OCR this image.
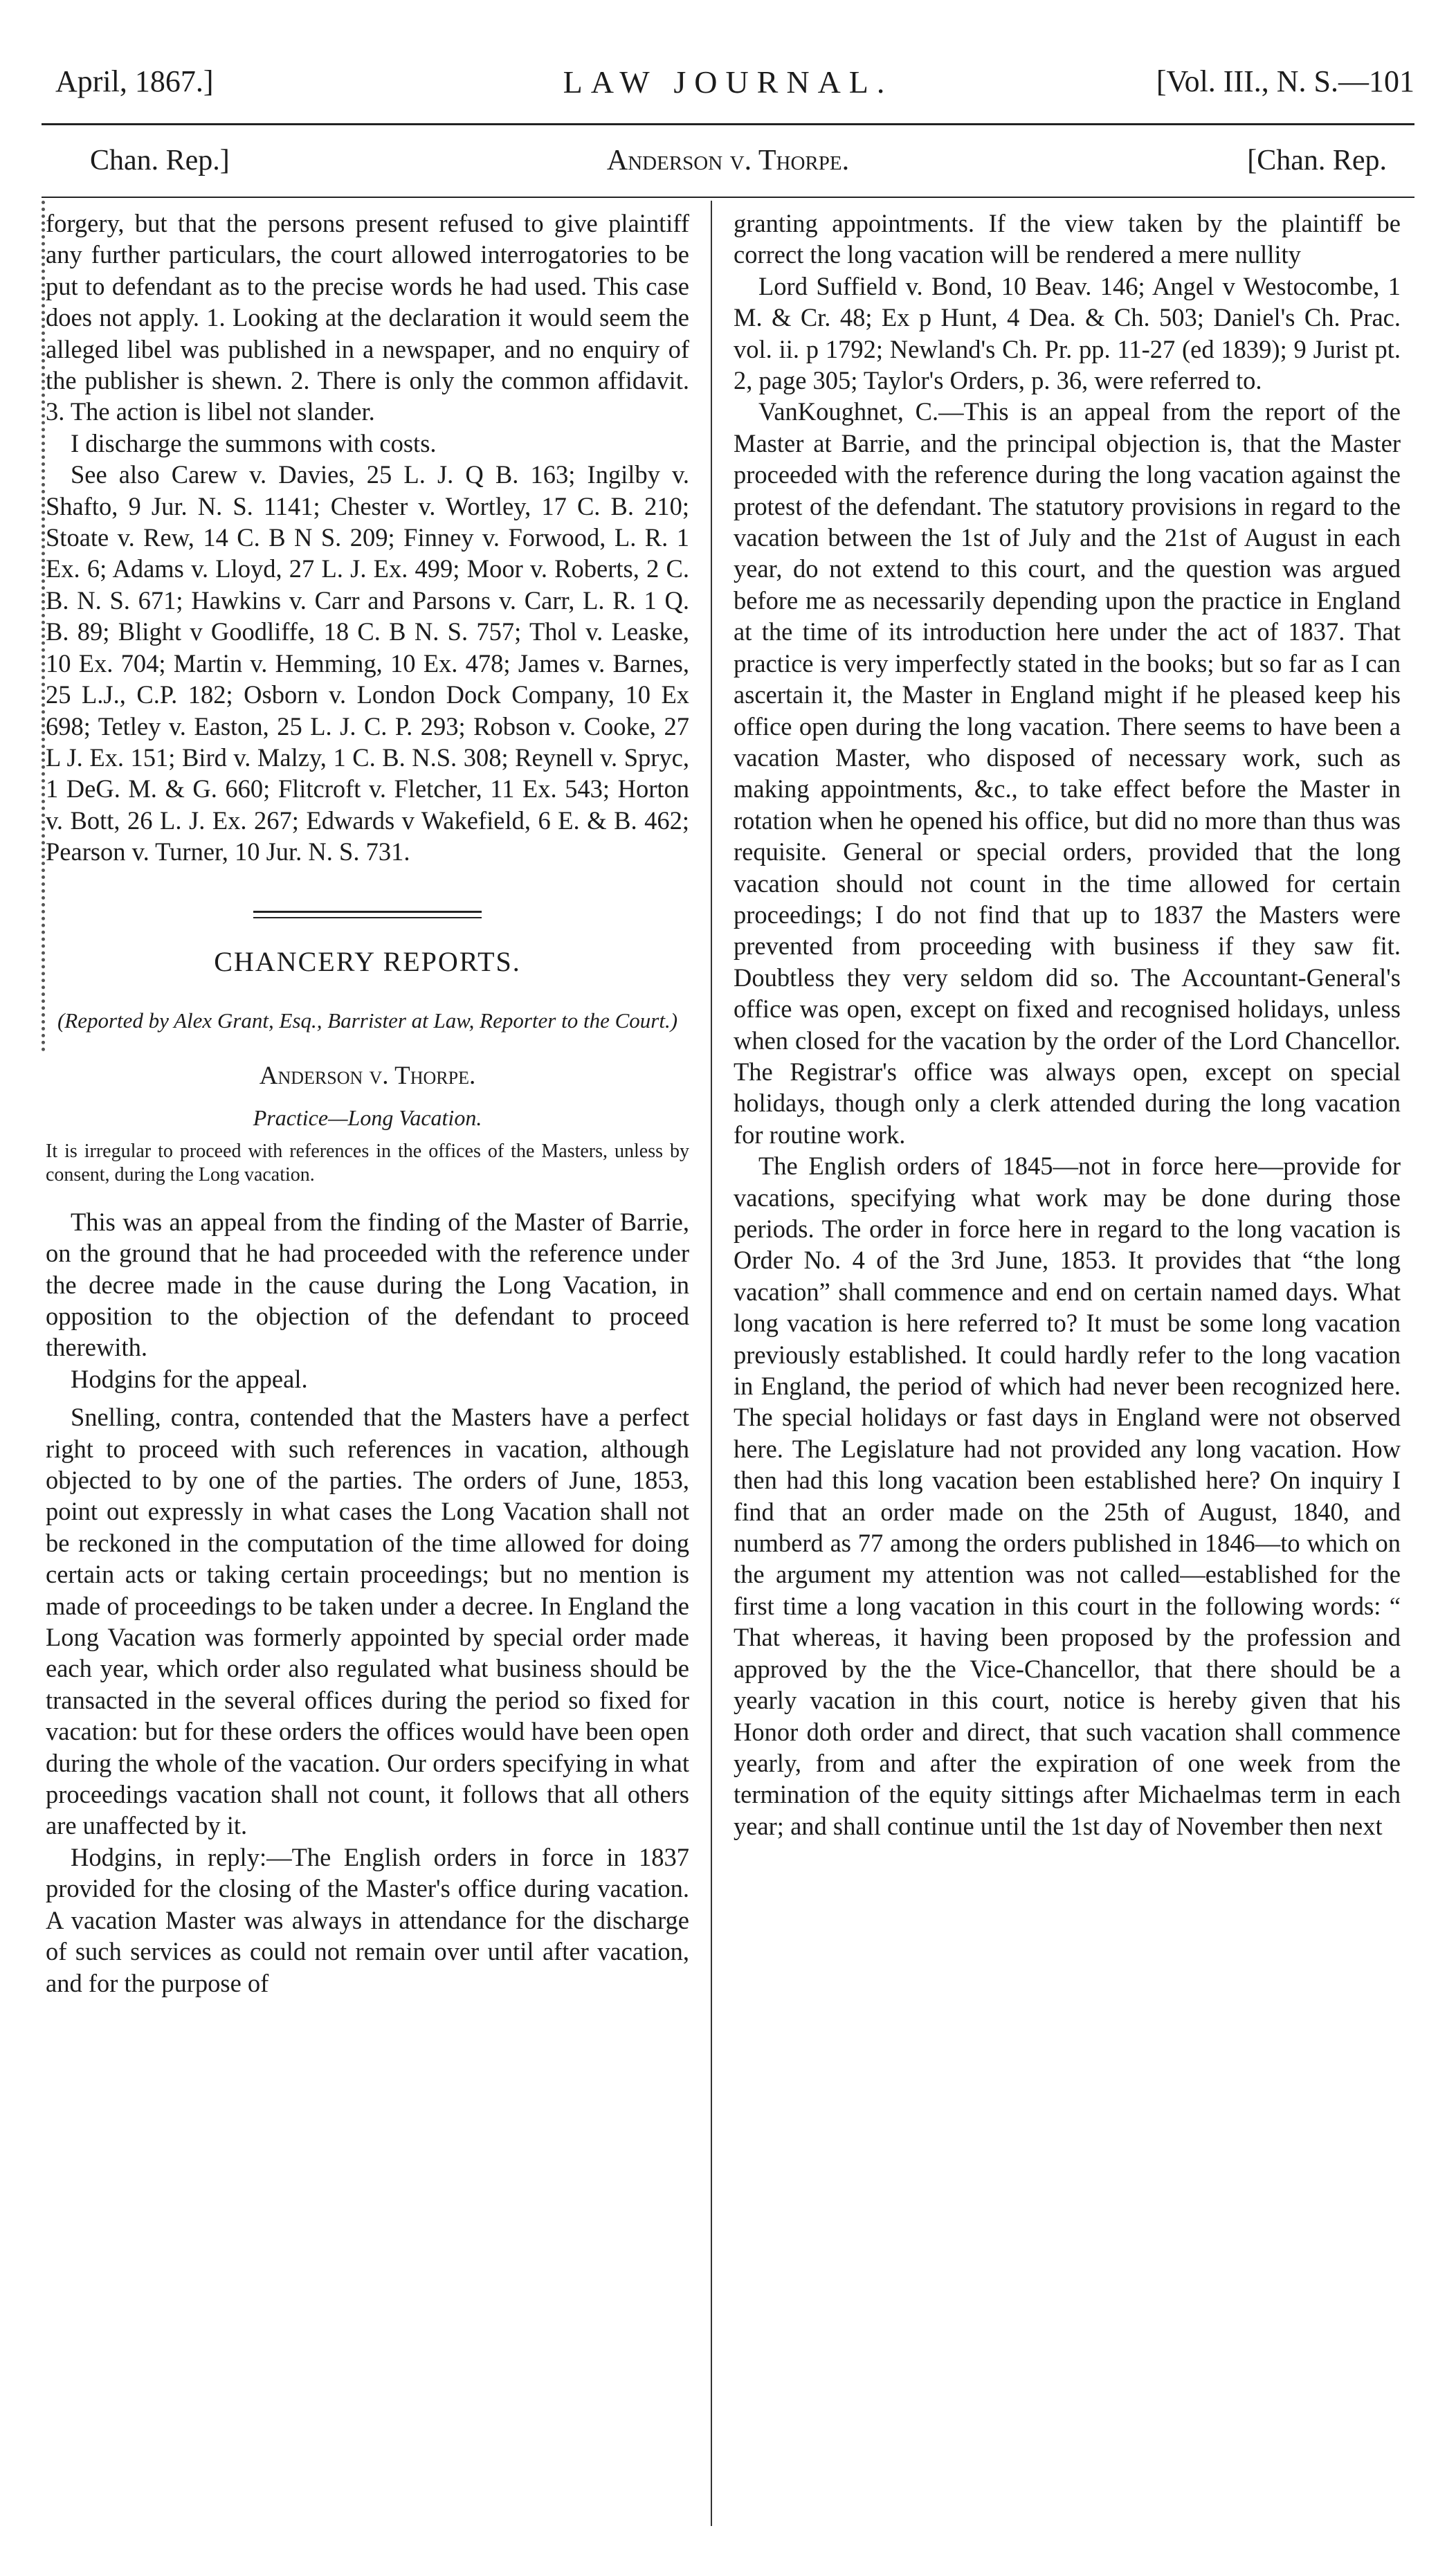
April, 1867.]	LAW JOURNAL.	[Vol. III., N. S.—101
Chan. Rep.]	Anderson v. Thorpe.	[Chan. Rep.

forgery, but that the persons present refused to give plaintiff any further particulars, the court allowed interrogatories to be put to defendant as to the precise words he had used. This case does not apply. 1. Looking at the declaration it would seem the alleged libel was published in a newspaper, and no enquiry of the publisher is shewn. 2. There is only the common affidavit. 3. The action is libel not slander.

I discharge the summons with costs.

See also Carew v. Davies, 25 L. J. Q B. 163; Ingilby v. Shafto, 9 Jur. N. S. 1141; Chester v. Wortley, 17 C. B. 210; Stoate v. Rew, 14 C. B N S. 209; Finney v. Forwood, L. R. 1 Ex. 6; Adams v. Lloyd, 27 L. J. Ex. 499; Moor v. Roberts, 2 C. B. N. S. 671; Hawkins v. Carr and Parsons v. Carr, L. R. 1 Q. B. 89; Blight v Goodliffe, 18 C. B N. S. 757; Thol v. Leaske, 10 Ex. 704; Martin v. Hemming, 10 Ex. 478; James v. Barnes, 25 L.J., C.P. 182; Osborn v. London Dock Company, 10 Ex 698; Tetley v. Easton, 25 L. J. C. P. 293; Robson v. Cooke, 27 L J. Ex. 151; Bird v. Malzy, 1 C. B. N.S. 308; Reynell v. Spryc, 1 DeG. M. & G. 660; Flitcroft v. Fletcher, 11 Ex. 543; Horton v. Bott, 26 L. J. Ex. 267; Edwards v Wakefield, 6 E. & B. 462; Pearson v. Turner, 10 Jur. N. S. 731.

CHANCERY REPORTS.
(Reported by Alex Grant, Esq., Barrister at Law, Reporter to the Court.)
Anderson v. Thorpe.
Practice—Long Vacation.
It is irregular to proceed with references in the offices of the Masters, unless by consent, during the Long vacation.

This was an appeal from the finding of the Master of Barrie, on the ground that he had proceeded with the reference under the decree made in the cause during the Long Vacation, in opposition to the objection of the defendant to proceed therewith.

Hodgins for the appeal.

Snelling, contra, contended that the Masters have a perfect right to proceed with such references in vacation, although objected to by one of the parties. The orders of June, 1853, point out expressly in what cases the Long Vacation shall not be reckoned in the computation of the time allowed for doing certain acts or taking certain proceedings; but no mention is made of proceedings to be taken under a decree. In England the Long Vacation was formerly appointed by special order made each year, which order also regulated what business should be transacted in the several offices during the period so fixed for vacation: but for these orders the offices would have been open during the whole of the vacation. Our orders specifying in what proceedings vacation shall not count, it follows that all others are unaffected by it.

Hodgins, in reply:—The English orders in force in 1837 provided for the closing of the Master's office during vacation. A vacation Master was always in attendance for the discharge of such services as could not remain over until after vacation, and for the purpose of

granting appointments. If the view taken by the plaintiff be correct the long vacation will be rendered a mere nullity

Lord Suffield v. Bond, 10 Beav. 146; Angel v Westocombe, 1 M. & Cr. 48; Ex p Hunt, 4 Dea. & Ch. 503; Daniel's Ch. Prac. vol. ii. p 1792; Newland's Ch. Pr. pp. 11-27 (ed 1839); 9 Jurist pt. 2, page 305; Taylor's Orders, p. 36, were referred to.

VanKoughnet, C.—This is an appeal from the report of the Master at Barrie, and the principal objection is, that the Master proceeded with the reference during the long vacation against the protest of the defendant. The statutory provisions in regard to the vacation between the 1st of July and the 21st of August in each year, do not extend to this court, and the question was argued before me as necessarily depending upon the practice in England at the time of its introduction here under the act of 1837. That practice is very imperfectly stated in the books; but so far as I can ascertain it, the Master in England might if he pleased keep his office open during the long vacation. There seems to have been a vacation Master, who disposed of necessary work, such as making appointments, &c., to take effect before the Master in rotation when he opened his office, but did no more than thus was requisite. General or special orders, provided that the long vacation should not count in the time allowed for certain proceedings; I do not find that up to 1837 the Masters were prevented from proceeding with business if they saw fit. Doubtless they very seldom did so. The Accountant-General's office was open, except on fixed and recognised holidays, unless when closed for the vacation by the order of the Lord Chancellor. The Registrar's office was always open, except on special holidays, though only a clerk attended during the long vacation for routine work.

The English orders of 1845—not in force here—provide for vacations, specifying what work may be done during those periods. The order in force here in regard to the long vacation is Order No. 4 of the 3rd June, 1853. It provides that “the long vacation” shall commence and end on certain named days. What long vacation is here referred to? It must be some long vacation previously established. It could hardly refer to the long vacation in England, the period of which had never been recognized here. The special holidays or fast days in England were not observed here. The Legislature had not provided any long vacation. How then had this long vacation been established here? On inquiry I find that an order made on the 25th of August, 1840, and numberd as 77 among the orders published in 1846—to which on the argument my attention was not called—established for the first time a long vacation in this court in the following words: “ That whereas, it having been proposed by the profession and approved by the the Vice-Chancellor, that there should be a yearly vacation in this court, notice is hereby given that his Honor doth order and direct, that such vacation shall commence yearly, from and after the expiration of one week from the termination of the equity sittings after Michaelmas term in each year; and shall continue until the 1st day of November then next
